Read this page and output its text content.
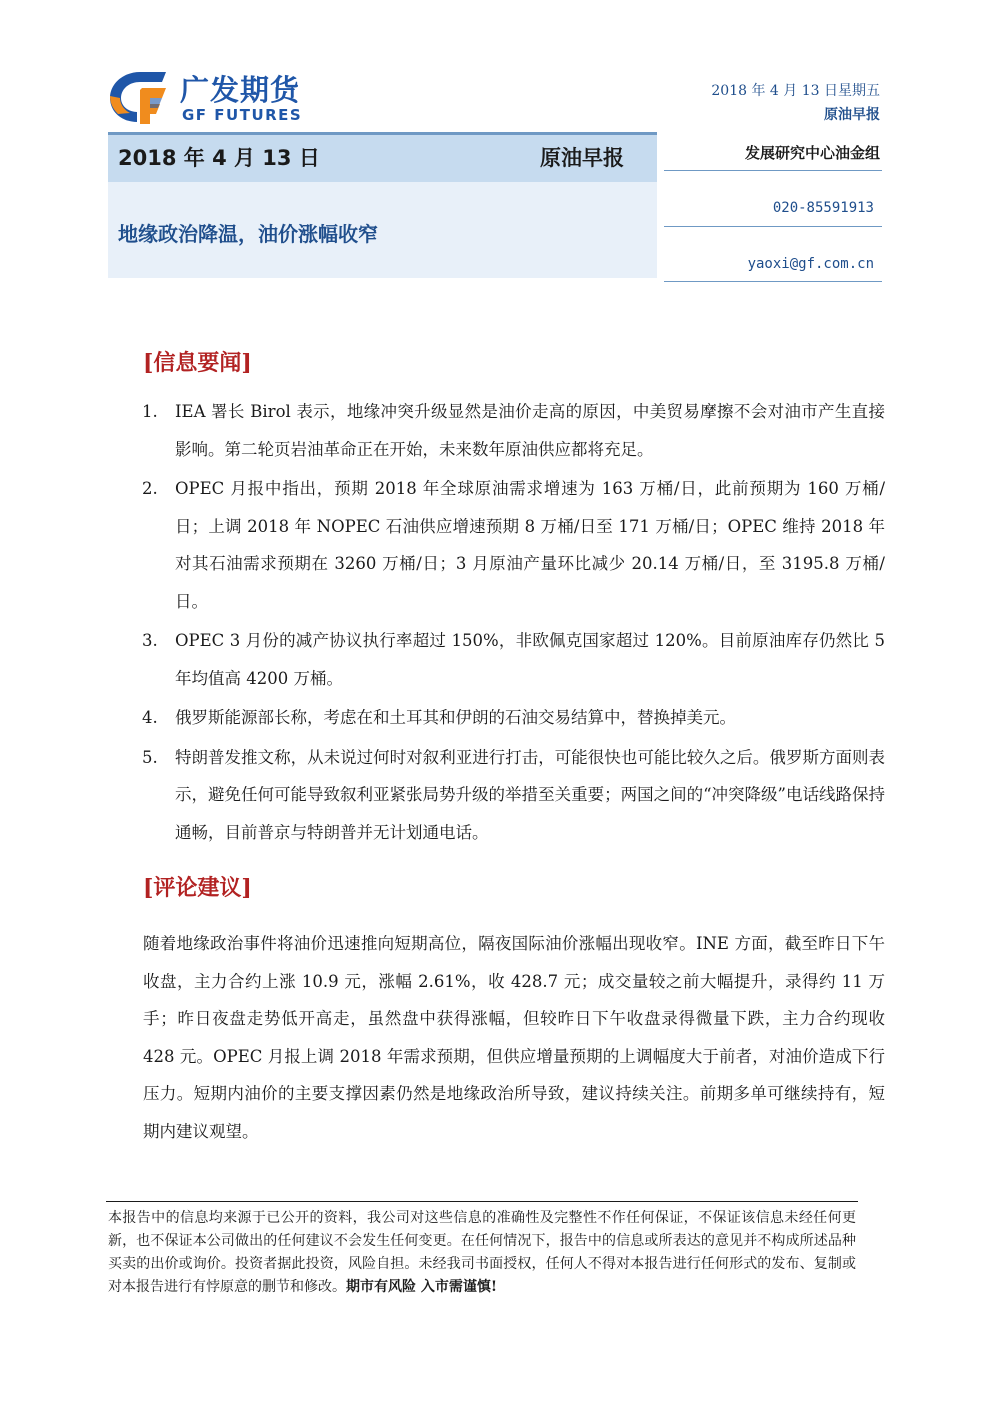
广发期货
GF FUTURES
2018 年 4 月 13 日星期五
原油早报
2018 年 4 月 13 日	原油早报
地缘政治降温，油价涨幅收窄
发展研究中心油金组
020-85591913
yaoxi@gf.com.cn
[信息要闻]
1. IEA 署长 Birol 表示，地缘冲突升级显然是油价走高的原因，中美贸易摩擦不会对油市产生直接影响。第二轮页岩油革命正在开始，未来数年原油供应都将充足。
2. OPEC 月报中指出，预期 2018 年全球原油需求增速为 163 万桶/日，此前预期为 160 万桶/日；上调 2018 年 NOPEC 石油供应增速预期 8 万桶/日至 171 万桶/日；OPEC 维持 2018 年对其石油需求预期在 3260 万桶/日；3 月原油产量环比减少 20.14 万桶/日，至 3195.8 万桶/日。
3. OPEC 3 月份的减产协议执行率超过 150%，非欧佩克国家超过 120%。目前原油库存仍然比 5 年均值高 4200 万桶。
4. 俄罗斯能源部长称，考虑在和土耳其和伊朗的石油交易结算中，替换掉美元。
5. 特朗普发推文称，从未说过何时对叙利亚进行打击，可能很快也可能比较久之后。俄罗斯方面则表示，避免任何可能导致叙利亚紧张局势升级的举措至关重要；两国之间的“冲突降级”电话线路保持通畅，目前普京与特朗普并无计划通电话。
[评论建议]

随着地缘政治事件将油价迅速推向短期高位，隔夜国际油价涨幅出现收窄。INE 方面，截至昨日下午收盘，主力合约上涨 10.9 元，涨幅 2.61%，收 428.7 元；成交量较之前大幅提升，录得约 11 万手；昨日夜盘走势低开高走，虽然盘中获得涨幅，但较昨日下午收盘录得微量下跌，主力合约现收 428 元。OPEC 月报上调 2018 年需求预期，但供应增量预期的上调幅度大于前者，对油价造成下行压力。短期内油价的主要支撑因素仍然是地缘政治所导致，建议持续关注。前期多单可继续持有，短期内建议观望。

本报告中的信息均来源于已公开的资料，我公司对这些信息的准确性及完整性不作任何保证，不保证该信息未经任何更新，也不保证本公司做出的任何建议不会发生任何变更。在任何情况下，报告中的信息或所表达的意见并不构成所述品种买卖的出价或询价。投资者据此投资，风险自担。未经我司书面授权，任何人不得对本报告进行任何形式的发布、复制或对本报告进行有悖原意的删节和修改。期市有风险 入市需谨慎!
